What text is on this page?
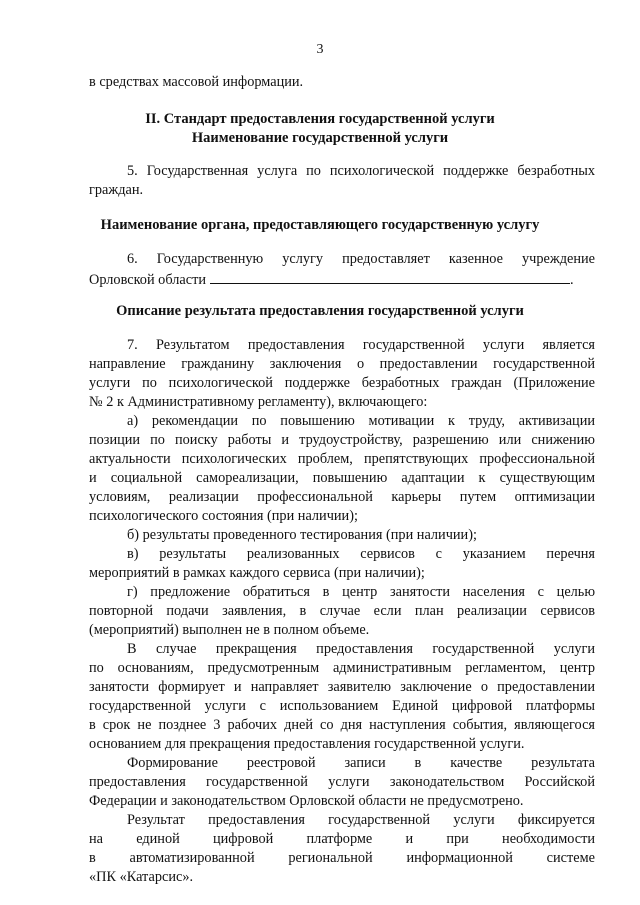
3
в средствах массовой информации.
II. Стандарт предоставления государственной услуги
Наименование государственной услуги
5. Государственная услуга по психологической поддержке безработных
граждан.
Наименование органа, предоставляющего государственную услугу
6. Государственную услугу предоставляет казенное учреждение
Орловской области	.
Описание результата предоставления государственной услуги
7. Результатом предоставления государственной услуги является
направление гражданину заключения о предоставлении государственной
услуги по психологической поддержке безработных граждан (Приложение
№ 2 к Административному регламенту), включающего:
а) рекомендации по повышению мотивации к труду, активизации
позиции по поиску работы и трудоустройству, разрешению или снижению
актуальности психологических проблем, препятствующих профессиональной
и социальной самореализации, повышению адаптации к существующим
условиям, реализации профессиональной карьеры путем оптимизации
психологического состояния (при наличии);
б) результаты проведенного тестирования (при наличии);
в) результаты реализованных сервисов с указанием перечня
мероприятий в рамках каждого сервиса (при наличии);
г) предложение обратиться в центр занятости населения с целью
повторной подачи заявления, в случае если план реализации сервисов
(мероприятий) выполнен не в полном объеме.
В случае прекращения предоставления государственной услуги
по основаниям, предусмотренным административным регламентом, центр
занятости формирует и направляет заявителю заключение о предоставлении
государственной услуги с использованием Единой цифровой платформы
в срок не позднее 3 рабочих дней со дня наступления события, являющегося
основанием для прекращения предоставления государственной услуги.
Формирование реестровой записи в качестве результата
предоставления государственной услуги законодательством Российской
Федерации и законодательством Орловской области не предусмотрено.
Результат предоставления государственной услуги фиксируется
на единой цифровой платформе и при необходимости
в автоматизированной региональной информационной системе
«ПК «Катарсис».
